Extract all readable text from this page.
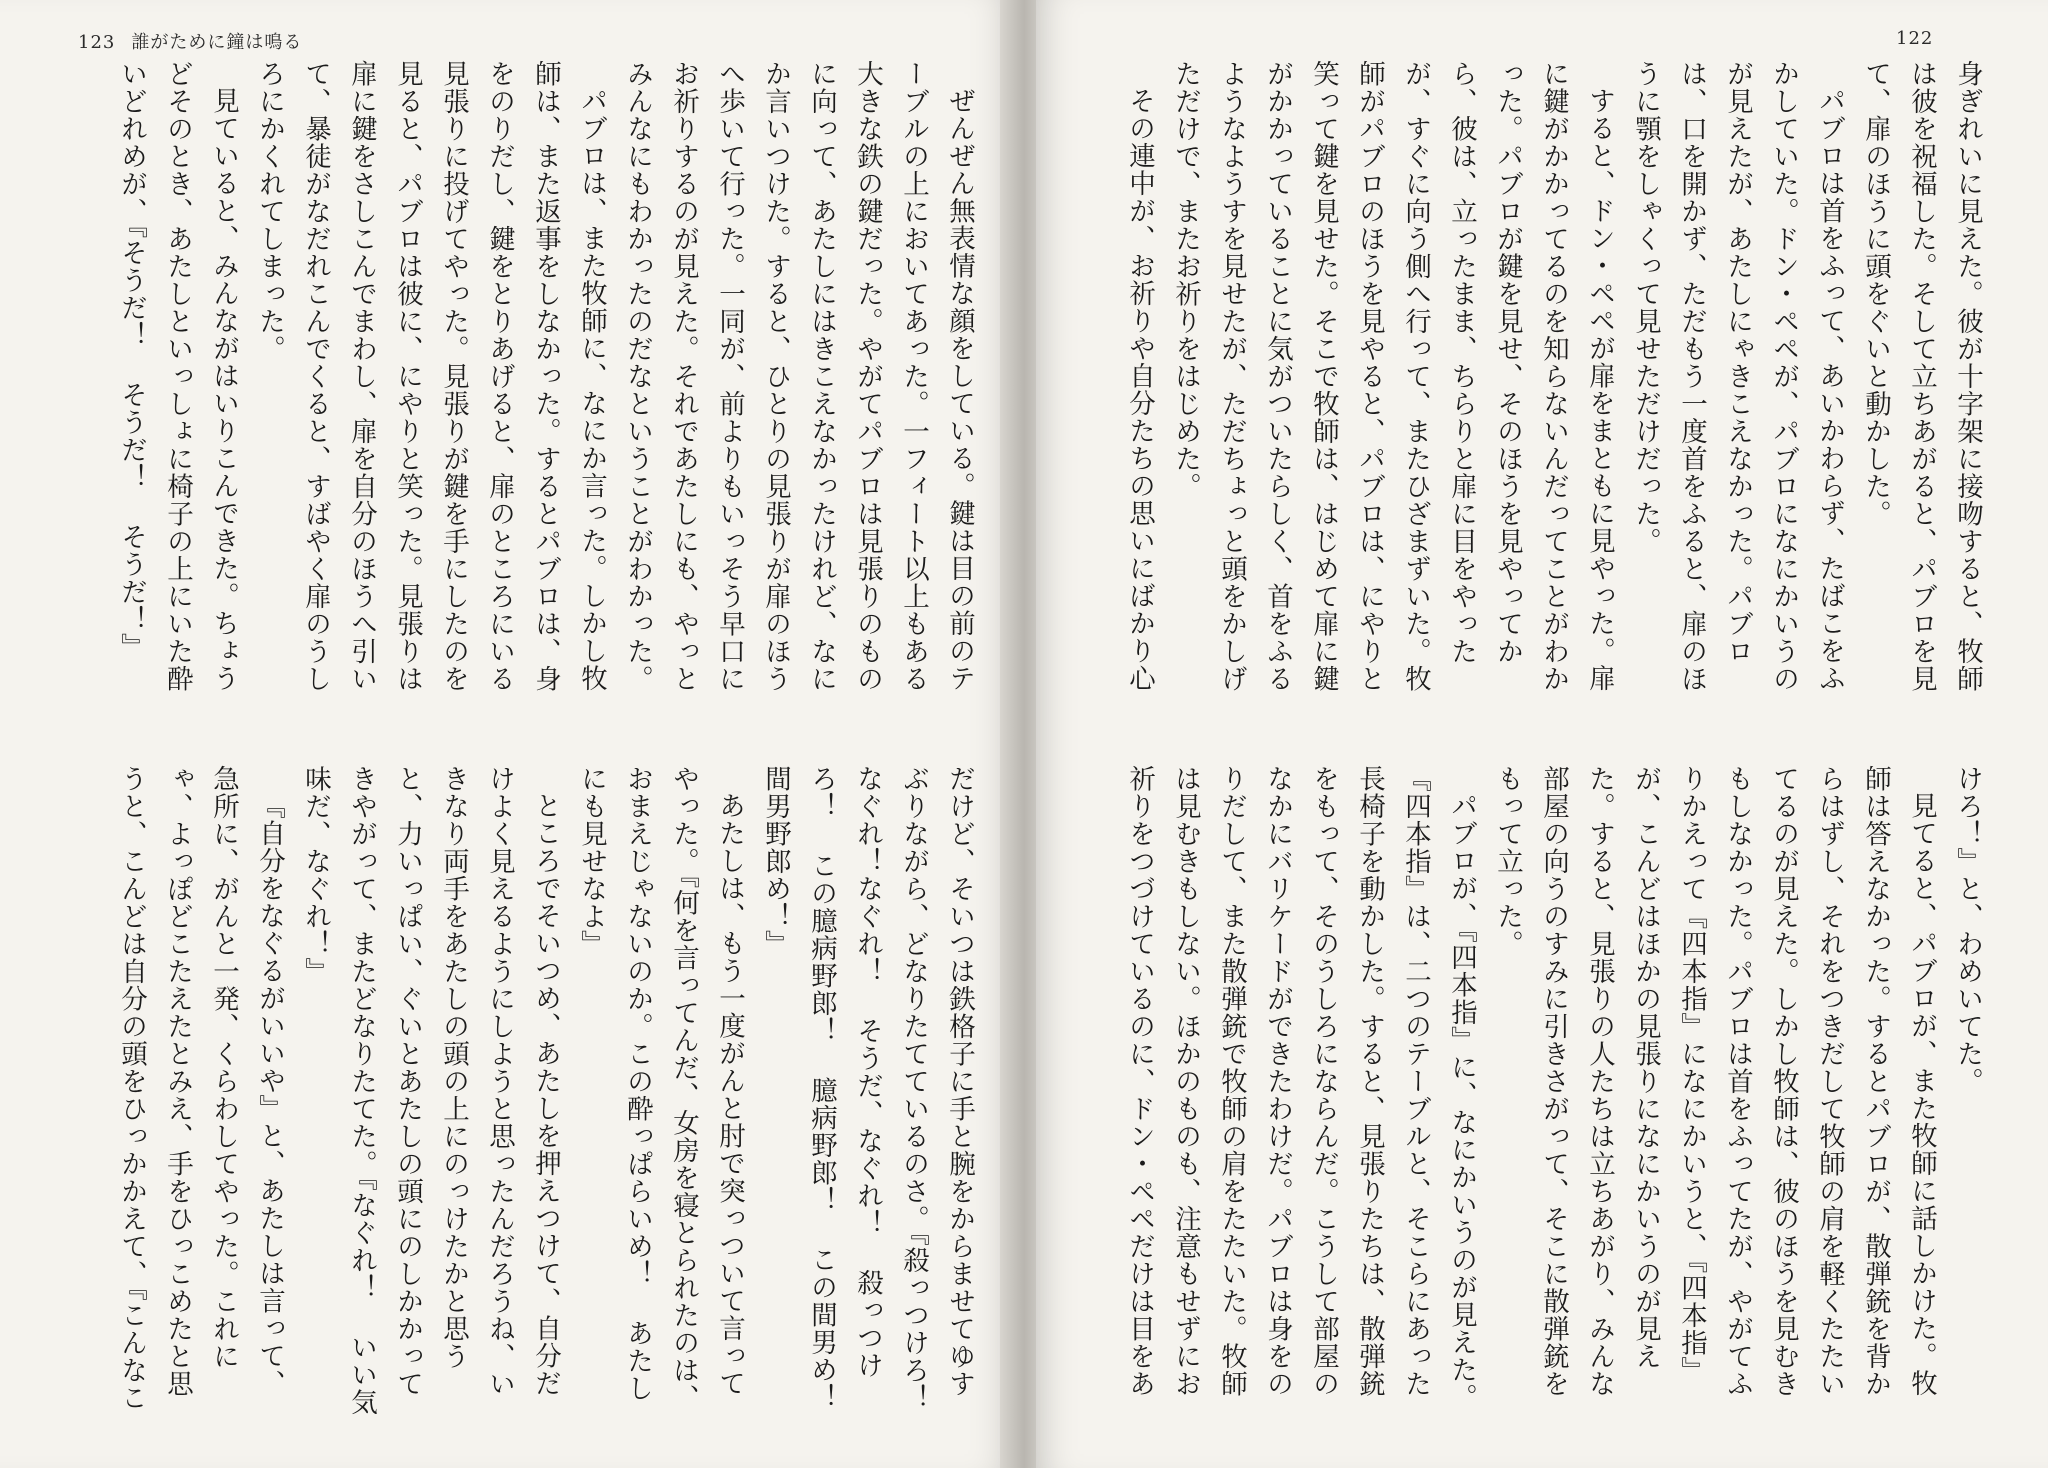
123 誰がために鐘は鳴る

ぜんぜん無表情な顔をしている。鍵は目の前のテーブルの上においてあった。一フィート以上もある大きな鉄の鍵だった。やがてパブロは見張りのものに向って、あたしにはきこえなかったけれど、なにか言いつけた。すると、ひとりの見張りが扉のほうへ歩いて行った。一同が、前よりもいっそう早口にお祈りするのが見えた。それであたしにも、やっとみんなにもわかったのだなということがわかった。

パブロは、また牧師に、なにか言った。しかし牧師は、また返事をしなかった。するとパブロは、身をのりだし、鍵をとりあげると、扉のところにいる見張りに投げてやった。見張りが鍵を手にしたのを見ると、パブロは彼に、にやりと笑った。見張りは扉に鍵をさしこんでまわし、扉を自分のほうへ引いて、暴徒がなだれこんでくると、すばやく扉のうしろにかくれてしまった。

見ていると、みんながはいりこんできた。ちょうどそのとき、あたしといっしょに椅子の上にいた酔いどれめが、『そうだ！ そうだ！ そうだ！』

だけど、そいつは鉄格子に手と腕をからませてゆすぶりながら、どなりたてているのさ。『殺っつけろ！ なぐれ！なぐれ！ そうだ、なぐれ！ 殺っつけろ！ この臆病野郎！ 臆病野郎！ この間男め！ 間男野郎め！』

あたしは、もう一度がんと肘で突っついて言ってやった。『何を言ってんだ、女房を寝とられたのは、おまえじゃないのか。この酔っぱらいめ！ あたしにも見せなよ』

ところでそいつめ、あたしを押えつけて、自分だけよく見えるようにしようと思ったんだろうね、いきなり両手をあたしの頭の上にのっけたかと思うと、力いっぱい、ぐいとあたしの頭にのしかかってきやがって、またどなりたてた。『なぐれ！ いい気味だ、なぐれ！』

『自分をなぐるがいいや』と、あたしは言って、急所に、がんと一発、くらわしてやった。これにゃ、よっぽどこたえたとみえ、手をひっこめたと思うと、こんどは自分の頭をひっかかえて、『こんなこ

122

身ぎれいに見えた。彼が十字架に接吻すると、牧師は彼を祝福した。そして立ちあがると、パブロを見て、扉のほうに頭をぐいと動かした。

パブロは首をふって、あいかわらず、たばこをふかしていた。ドン・ペペが、パブロになにかいうのが見えたが、あたしにゃきこえなかった。パブロは、口を開かず、ただもう一度首をふると、扉のほうに顎をしゃくって見せただけだった。

すると、ドン・ペペが扉をまともに見やった。扉に鍵がかかってるのを知らないんだってことがわかった。パブロが鍵を見せ、そのほうを見やってから、彼は、立ったまま、ちらりと扉に目をやったが、すぐに向う側へ行って、またひざまずいた。牧師がパブロのほうを見やると、パブロは、にやりと笑って鍵を見せた。そこで牧師は、はじめて扉に鍵がかかっていることに気がついたらしく、首をふるようなようすを見せたが、ただちょっと頭をかしげただけで、またお祈りをはじめた。

その連中が、お祈りや自分たちの思いにばかり心

けろ！』と、わめいてた。

見てると、パブロが、また牧師に話しかけた。牧師は答えなかった。するとパブロが、散弾銃を背からはずし、それをつきだして牧師の肩を軽くたたいてるのが見えた。しかし牧師は、彼のほうを見むきもしなかった。パブロは首をふってたが、やがてふりかえって『四本指』になにかいうと、『四本指』が、こんどはほかの見張りになにかいうのが見えた。すると、見張りの人たちは立ちあがり、みんな部屋の向うのすみに引きさがって、そこに散弾銃をもって立った。

パブロが、『四本指』に、なにかいうのが見えた。『四本指』は、二つのテーブルと、そこらにあった長椅子を動かした。すると、見張りたちは、散弾銃をもって、そのうしろにならんだ。こうして部屋のなかにバリケードができたわけだ。パブロは身をのりだして、また散弾銃で牧師の肩をたたいた。牧師は見むきもしない。ほかのものも、注意もせずにお祈りをつづけているのに、ドン・ペペだけは目をあ
